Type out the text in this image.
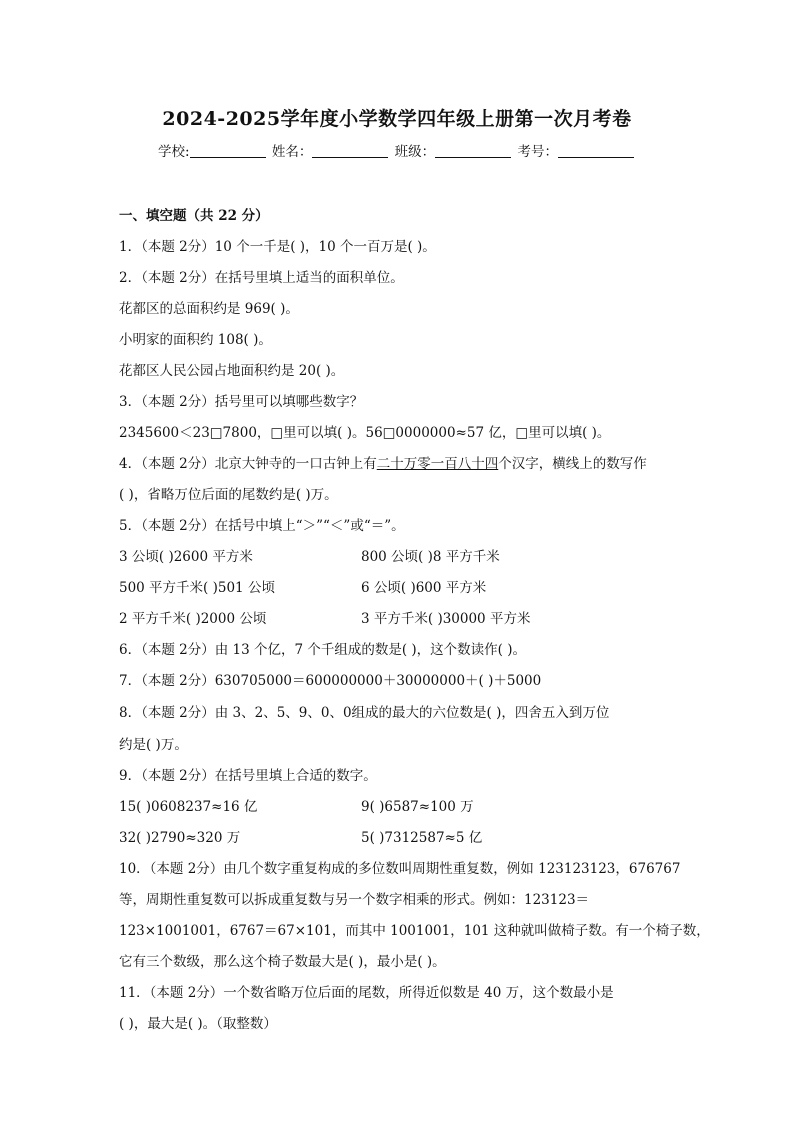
2024-2025学年度小学数学四年级上册第一次月考卷
学校:	姓名：	班级：	考号：
一、填空题（共 22 分）
1．（本题 2分）10 个一千是( )，10 个一百万是( )。
2．（本题 2分）在括号里填上适当的面积单位。
花都区的总面积约是 969( )。
小明家的面积约 108( )。
花都区人民公园占地面积约是 20( )。
3．（本题 2分）括号里可以填哪些数字？
2345600＜23□7800，□里可以填( )。56□0000000≈57 亿，□里可以填( )。
4．（本题 2分）北京大钟寺的一口古钟上有二十万零一百八十四个汉字，横线上的数写作
( )，省略万位后面的尾数约是( )万。
5．（本题 2分）在括号中填上“＞”“＜”或“＝”。
3 公顷( )2600 平方米	800 公顷( )8 平方千米
500 平方千米( )501 公顷	6 公顷( )600 平方米
2 平方千米( )2000 公顷	3 平方千米( )30000 平方米
6．（本题 2分）由 13 个亿，7 个千组成的数是( )，这个数读作( )。
7．（本题 2分）630705000＝600000000＋30000000＋( )＋5000
8．（本题 2分）由 3、2、5、9、0、0组成的最大的六位数是( )，四舍五入到万位
约是( )万。
9．（本题 2分）在括号里填上合适的数字。
15( )0608237≈16 亿	9( )6587≈100 万
32( )2790≈320 万	5( )7312587≈5 亿
10．（本题 2分）由几个数字重复构成的多位数叫周期性重复数，例如 123123123，676767
等，周期性重复数可以拆成重复数与另一个数字相乘的形式。例如：123123＝
123×1001001，6767＝67×101，而其中 1001001，101 这种就叫做椅子数。有一个椅子数，
它有三个数级，那么这个椅子数最大是( )，最小是( )。
11．（本题 2分）一个数省略万位后面的尾数，所得近似数是 40 万，这个数最小是
( )，最大是( )。（取整数）
